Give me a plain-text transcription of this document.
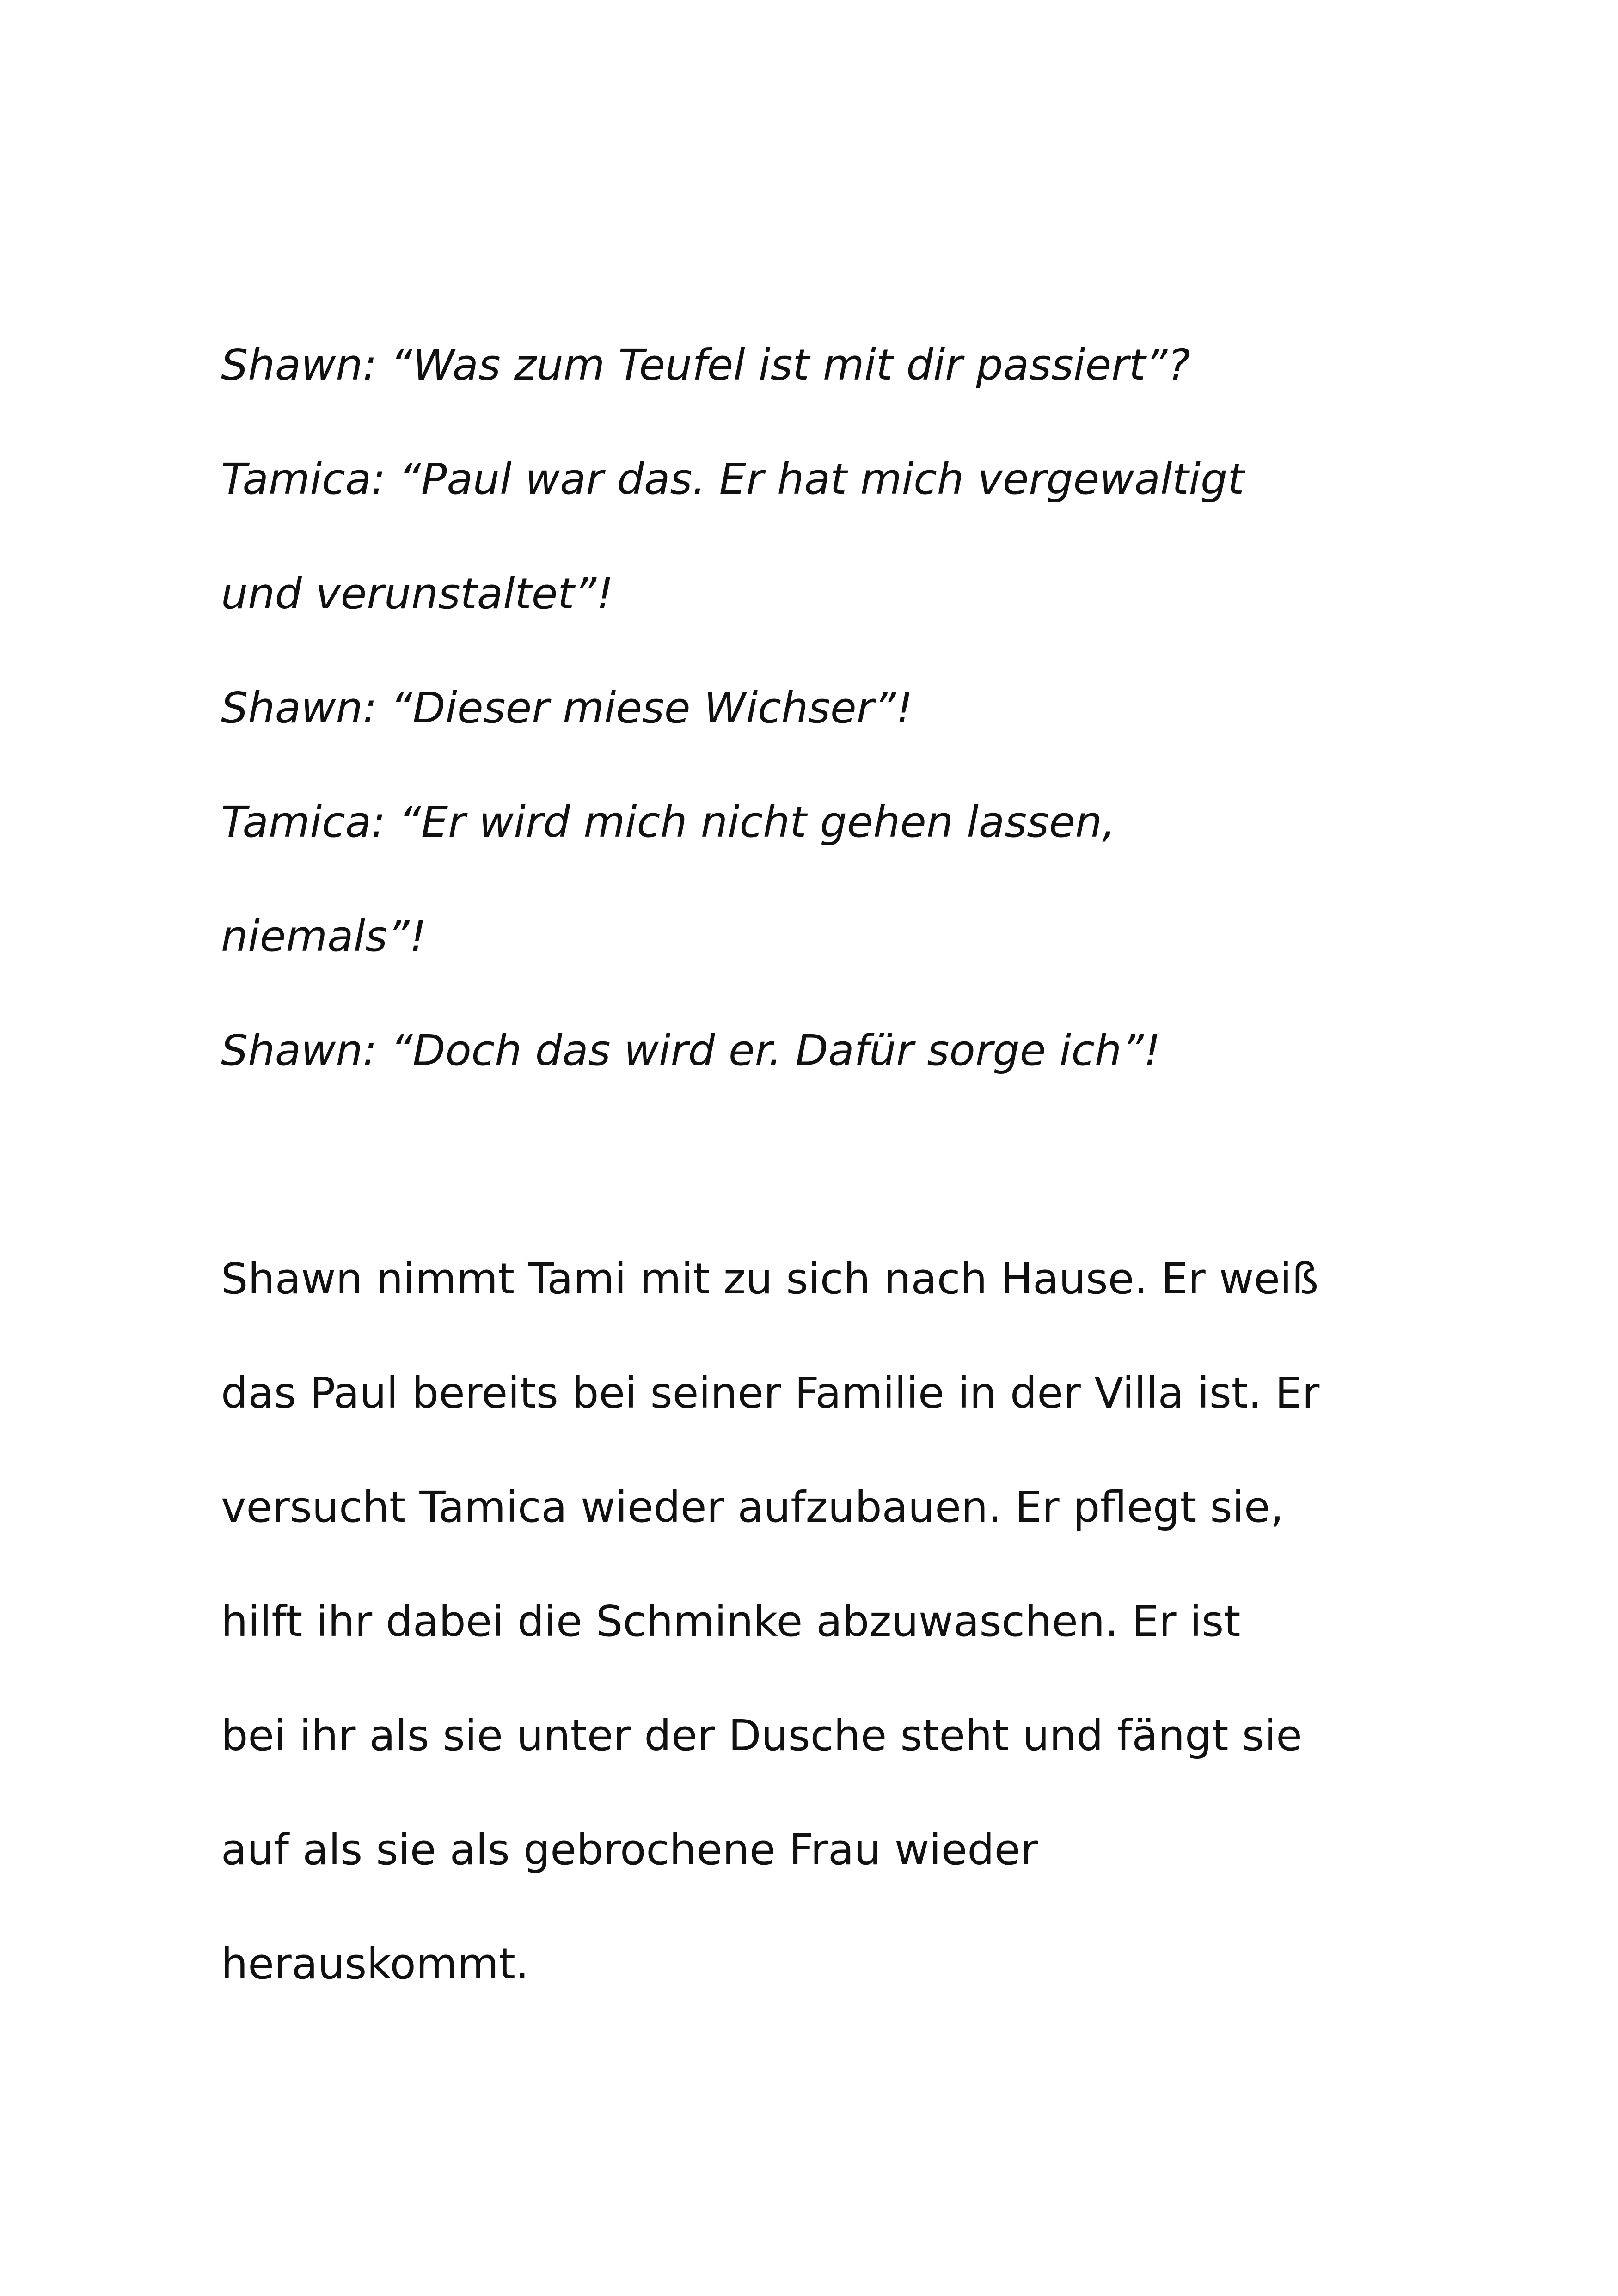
Shawn: “Was zum Teufel ist mit dir passiert”?
Tamica: “Paul war das. Er hat mich vergewaltigt
und verunstaltet”!
Shawn: “Dieser miese Wichser”!
Tamica: “Er wird mich nicht gehen lassen,
niemals”!
Shawn: “Doch das wird er. Dafür sorge ich”!
Shawn nimmt Tami mit zu sich nach Hause. Er weiß
das Paul bereits bei seiner Familie in der Villa ist. Er
versucht Tamica wieder aufzubauen. Er pflegt sie,
hilft ihr dabei die Schminke abzuwaschen. Er ist
bei ihr als sie unter der Dusche steht und fängt sie
auf als sie als gebrochene Frau wieder
herauskommt.
